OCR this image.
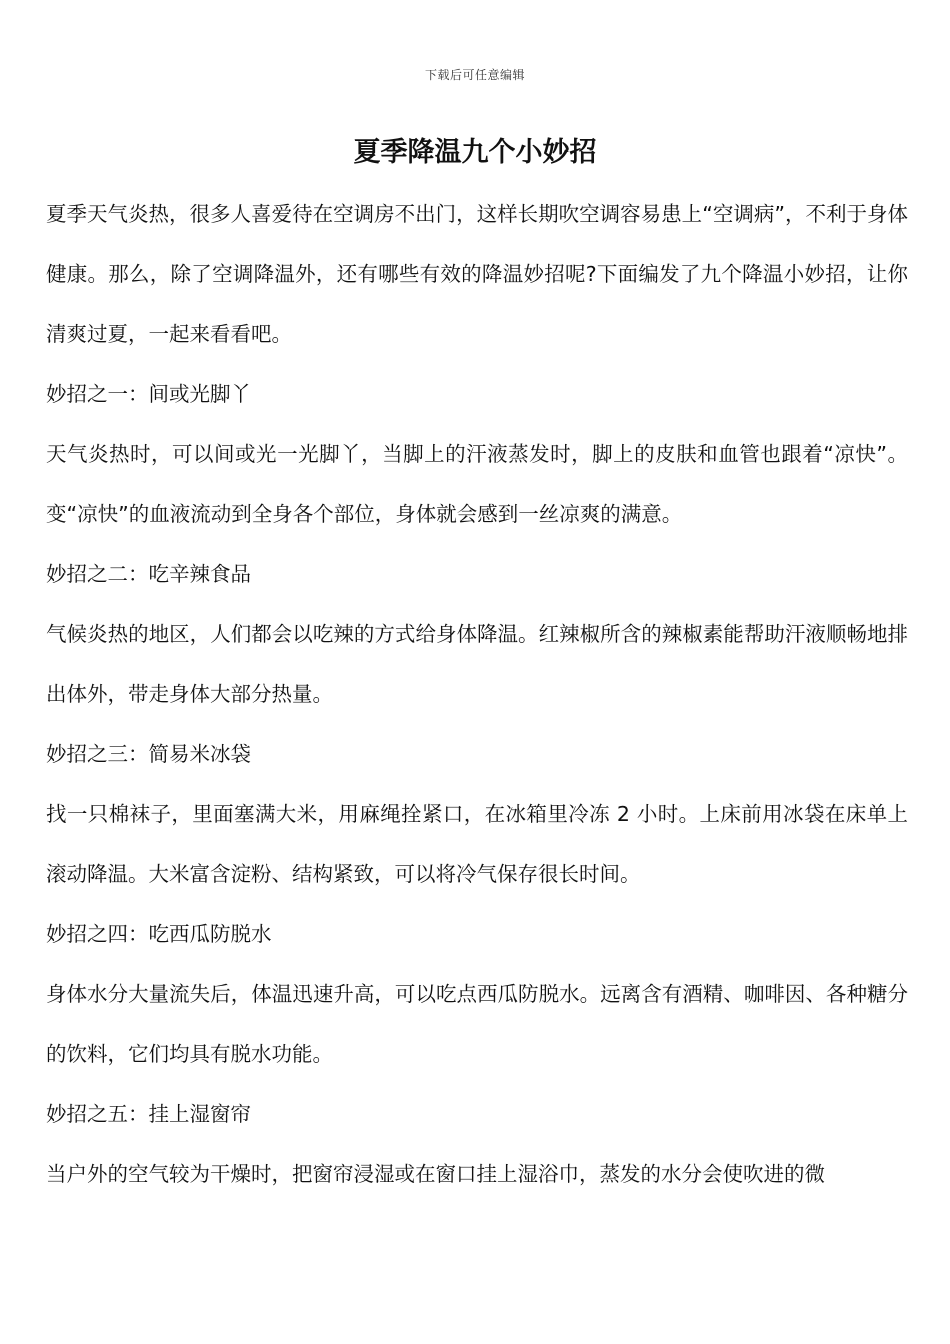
下载后可任意编辑
夏季降温九个小妙招

夏季天气炎热，很多人喜爱待在空调房不出门，这样长期吹空调容易患上“空调病”，不利于身体健康。那么，除了空调降温外，还有哪些有效的降温妙招呢?下面编发了九个降温小妙招，让你清爽过夏，一起来看看吧。

妙招之一：间或光脚丫

天气炎热时，可以间或光一光脚丫，当脚上的汗液蒸发时，脚上的皮肤和血管也跟着“凉快”。变“凉快”的血液流动到全身各个部位，身体就会感到一丝凉爽的满意。

妙招之二：吃辛辣食品

气候炎热的地区，人们都会以吃辣的方式给身体降温。红辣椒所含的辣椒素能帮助汗液顺畅地排出体外，带走身体大部分热量。

妙招之三：简易米冰袋

找一只棉袜子，里面塞满大米，用麻绳拴紧口，在冰箱里冷冻 2 小时。上床前用冰袋在床单上滚动降温。大米富含淀粉、结构紧致，可以将冷气保存很长时间。

妙招之四：吃西瓜防脱水

身体水分大量流失后，体温迅速升高，可以吃点西瓜防脱水。远离含有酒精、咖啡因、各种糖分的饮料，它们均具有脱水功能。

妙招之五：挂上湿窗帘

当户外的空气较为干燥时，把窗帘浸湿或在窗口挂上湿浴巾，蒸发的水分会使吹进的微
